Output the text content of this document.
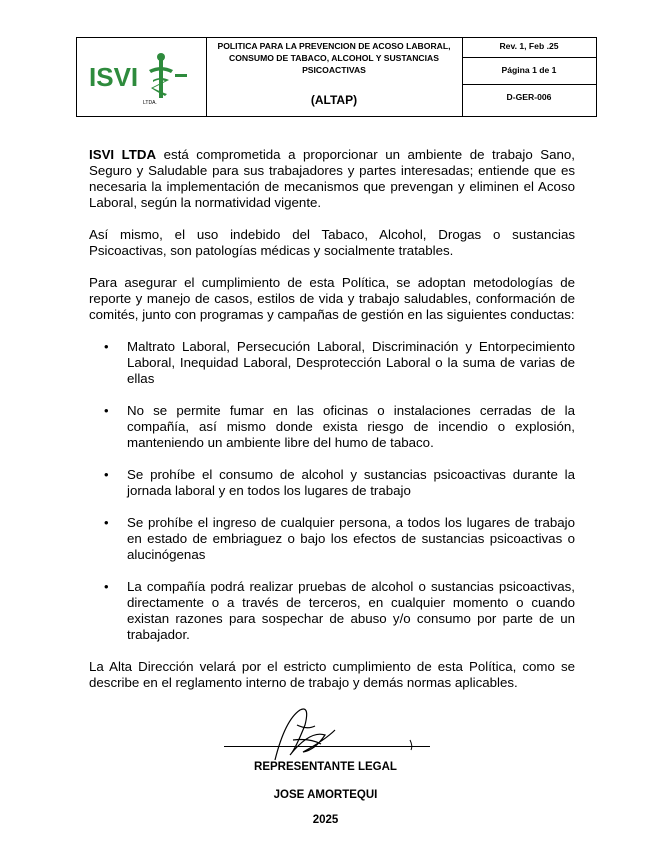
ISVI
LTDA.
POLITICA PARA LA PREVENCION DE ACOSO LABORAL,
CONSUMO DE TABACO, ALCOHOL Y SUSTANCIAS
PSICOACTIVAS
(ALTAP)
Rev. 1, Feb .25
Página 1 de 1
D-GER-006

ISVI LTDA está comprometida a proporcionar un ambiente de trabajo Sano, Seguro y Saludable para sus trabajadores y partes interesadas; entiende que es necesaria la implementación de mecanismos que prevengan y eliminen el Acoso Laboral, según la normatividad vigente.

Así mismo, el uso indebido del Tabaco, Alcohol, Drogas o sustancias Psicoactivas, son patologías médicas y socialmente tratables.

Para asegurar el cumplimiento de esta Política, se adoptan metodologías de reporte y manejo de casos, estilos de vida y trabajo saludables, conformación de comités, junto con programas y campañas de gestión en las siguientes conductas:

• Maltrato Laboral, Persecución Laboral, Discriminación y Entorpecimiento Laboral, Inequidad Laboral, Desprotección Laboral o la suma de varias de ellas
• No se permite fumar en las oficinas o instalaciones cerradas de la compañía, así mismo donde exista riesgo de incendio o explosión, manteniendo un ambiente libre del humo de tabaco.
• Se prohíbe el consumo de alcohol y sustancias psicoactivas durante la jornada laboral y en todos los lugares de trabajo
• Se prohíbe el ingreso de cualquier persona, a todos los lugares de trabajo en estado de embriaguez o bajo los efectos de sustancias psicoactivas o alucinógenas
• La compañía podrá realizar pruebas de alcohol o sustancias psicoactivas, directamente o a través de terceros, en cualquier momento o cuando existan razones para sospechar de abuso y/o consumo por parte de un trabajador.

La Alta Dirección velará por el estricto cumplimiento de esta Política, como se describe en el reglamento interno de trabajo y demás normas aplicables.

REPRESENTANTE LEGAL
JOSE AMORTEQUI
2025
